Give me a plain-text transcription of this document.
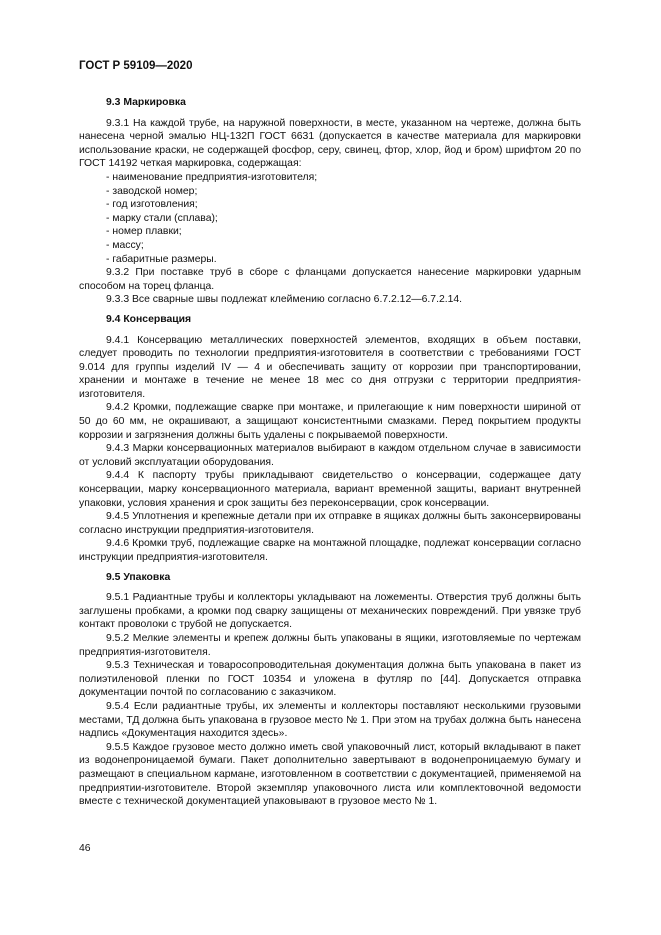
ГОСТ Р 59109—2020
9.3 Маркировка

9.3.1 На каждой трубе, на наружной поверхности, в месте, указанном на чертеже, должна быть нанесена черной эмалью НЦ-132П ГОСТ 6631 (допускается в качестве материала для маркировки использование краски, не содержащей фосфор, серу, свинец, фтор, хлор, йод и бром) шрифтом 20 по ГОСТ 14192 четкая маркировка, содержащая:

- наименование предприятия-изготовителя;
- заводской номер;
- год изготовления;
- марку стали (сплава);
- номер плавки;
- массу;
- габаритные размеры.

9.3.2 При поставке труб в сборе с фланцами допускается нанесение маркировки ударным способом на торец фланца.

9.3.3 Все сварные швы подлежат клеймению согласно 6.7.2.12—6.7.2.14.

9.4 Консервация

9.4.1 Консервацию металлических поверхностей элементов, входящих в объем поставки, следует проводить по технологии предприятия-изготовителя в соответствии с требованиями ГОСТ 9.014 для группы изделий IV — 4 и обеспечивать защиту от коррозии при транспортировании, хранении и монтаже в течение не менее 18 мес со дня отгрузки с территории предприятия-изготовителя.

9.4.2 Кромки, подлежащие сварке при монтаже, и прилегающие к ним поверхности шириной от 50 до 60 мм, не окрашивают, а защищают консистентными смазками. Перед покрытием продукты коррозии и загрязнения должны быть удалены с покрываемой поверхности.

9.4.3 Марки консервационных материалов выбирают в каждом отдельном случае в зависимости от условий эксплуатации оборудования.

9.4.4 К паспорту трубы прикладывают свидетельство о консервации, содержащее дату консервации, марку консервационного материала, вариант временной защиты, вариант внутренней упаковки, условия хранения и срок защиты без переконсервации, срок консервации.

9.4.5 Уплотнения и крепежные детали при их отправке в ящиках должны быть законсервированы согласно инструкции предприятия-изготовителя.

9.4.6 Кромки труб, подлежащие сварке на монтажной площадке, подлежат консервации согласно инструкции предприятия-изготовителя.

9.5 Упаковка

9.5.1 Радиантные трубы и коллекторы укладывают на ложементы. Отверстия труб должны быть заглушены пробками, а кромки под сварку защищены от механических повреждений. При увязке труб контакт проволоки с трубой не допускается.

9.5.2 Мелкие элементы и крепеж должны быть упакованы в ящики, изготовляемые по чертежам предприятия-изготовителя.

9.5.3 Техническая и товаросопроводительная документация должна быть упакована в пакет из полиэтиленовой пленки по ГОСТ 10354 и уложена в футляр по [44]. Допускается отправка документации почтой по согласованию с заказчиком.

9.5.4 Если радиантные трубы, их элементы и коллекторы поставляют несколькими грузовыми местами, ТД должна быть упакована в грузовое место № 1. При этом на трубах должна быть нанесена надпись «Документация находится здесь».

9.5.5 Каждое грузовое место должно иметь свой упаковочный лист, который вкладывают в пакет из водонепроницаемой бумаги. Пакет дополнительно завертывают в водонепроницаемую бумагу и размещают в специальном кармане, изготовленном в соответствии с документацией, применяемой на предприятии-изготовителе. Второй экземпляр упаковочного листа или комплектовочной ведомости вместе с технической документацией упаковывают в грузовое место № 1.

46
